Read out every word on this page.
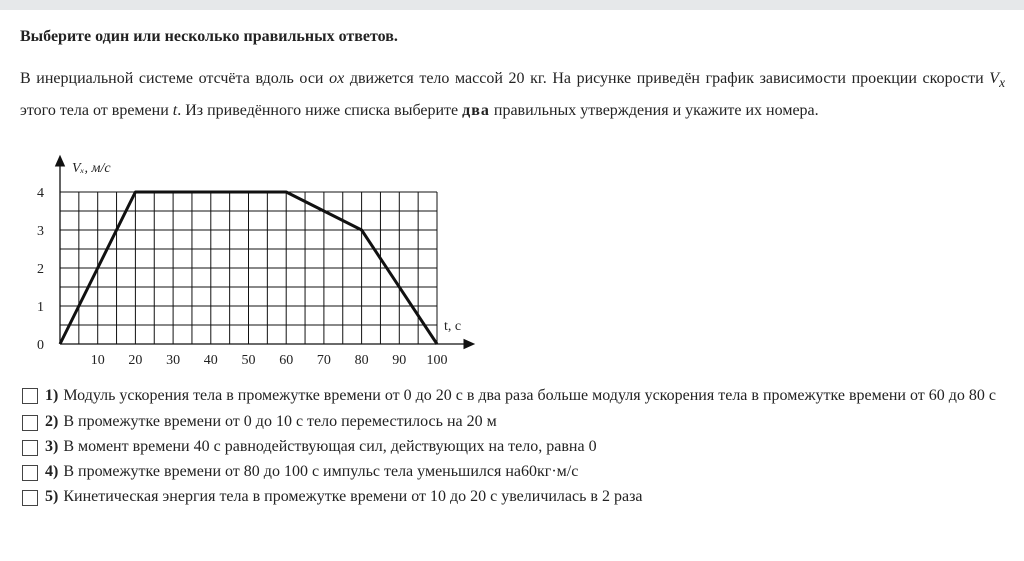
Выберите один или несколько правильных ответов.
В инерциальной системе отсчёта вдоль оси ox движется тело массой 20 кг. На рисунке приведён график зависимости проекции скорости $V_x$ этого тела от времени t. Из приведённого ниже списка выберите два правильных утверждения и укажите их номера.
10 20 30 40 50 60 70 80 90 100
0
1
2
3
4
Vₓ, м/с
t, с
1) Модуль ускорения тела в промежутке времени от 0 до 20 с в два раза больше модуля ускорения тела в промежутке времени от 60 до 80 с
2) В промежутке времени от 0 до 10 с тело переместилось на 20 м
3) В момент времени 40 с равнодействующая сил, действующих на тело, равна 0
4) В промежутке времени от 80 до 100 с импульс тела уменьшился на60кг·м/с
5) Кинетическая энергия тела в промежутке времени от 10 до 20 с увеличилась в 2 раза
